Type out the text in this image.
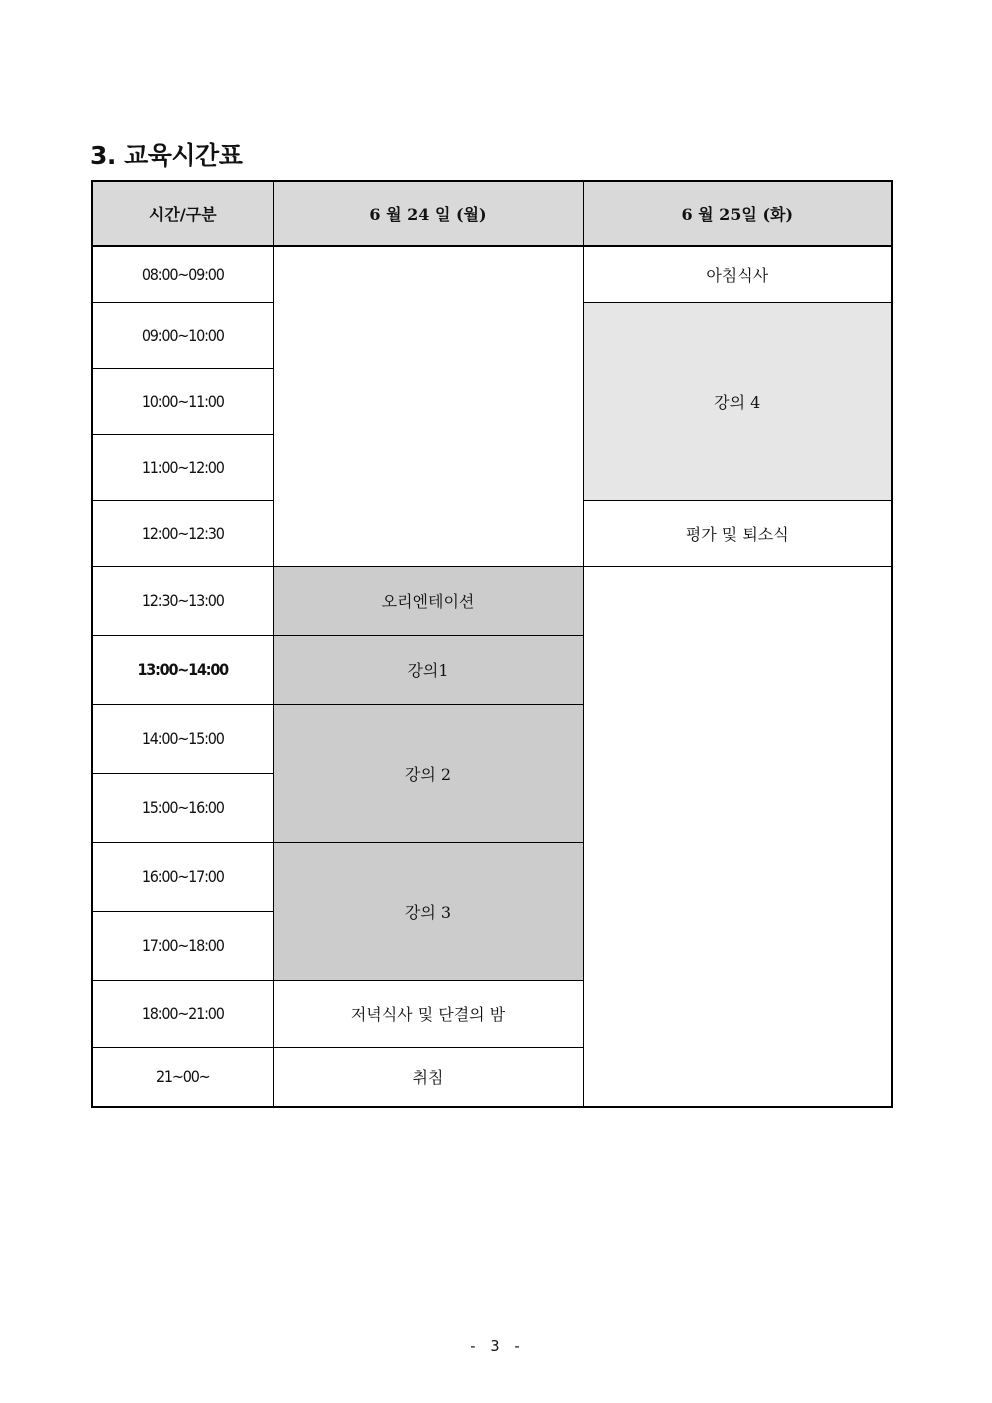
3. 교육시간표
시간/구분	6 월 24 일 (월)	6 월 25일 (화)
08:00~09:00		아침식사
09:00~10:00		강의 4
10:00~11:00		
11:00~12:00		
12:00~12:30		평가 및 퇴소식
12:30~13:00	오리엔테이션	
13:00~14:00	강의1	
14:00~15:00	강의 2	
15:00~16:00		
16:00~17:00	강의 3	
17:00~18:00		
18:00~21:00	저녁식사 및 단결의 밤	
21~00~	취침	
- 3 -
